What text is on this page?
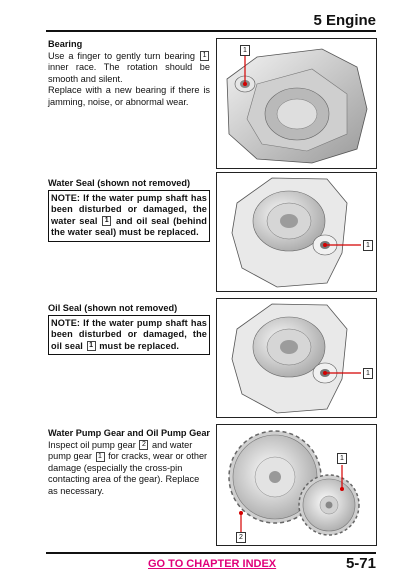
5 Engine

Bearing

Use a finger to gently turn bearing 1 inner race. The rotation should be smooth and silent.

Replace with a new bearing if there is jamming, noise, or abnormal wear.

Water Seal (shown not removed)

NOTE: If the water pump shaft has been disturbed or damaged, the water seal 1 and oil seal (behind the water seal) must be replaced.

Oil Seal (shown not removed)

NOTE: If the water pump shaft has been disturbed or damaged, the oil seal 1 must be replaced.

Water Pump Gear and Oil Pump Gear

Inspect oil pump gear 2 and water pump gear 1 for cracks, wear or other damage (especially the cross-pin contacting area of the gear). Replace as necessary.

1
1
1
1
2
GO TO CHAPTER INDEX	5-71
